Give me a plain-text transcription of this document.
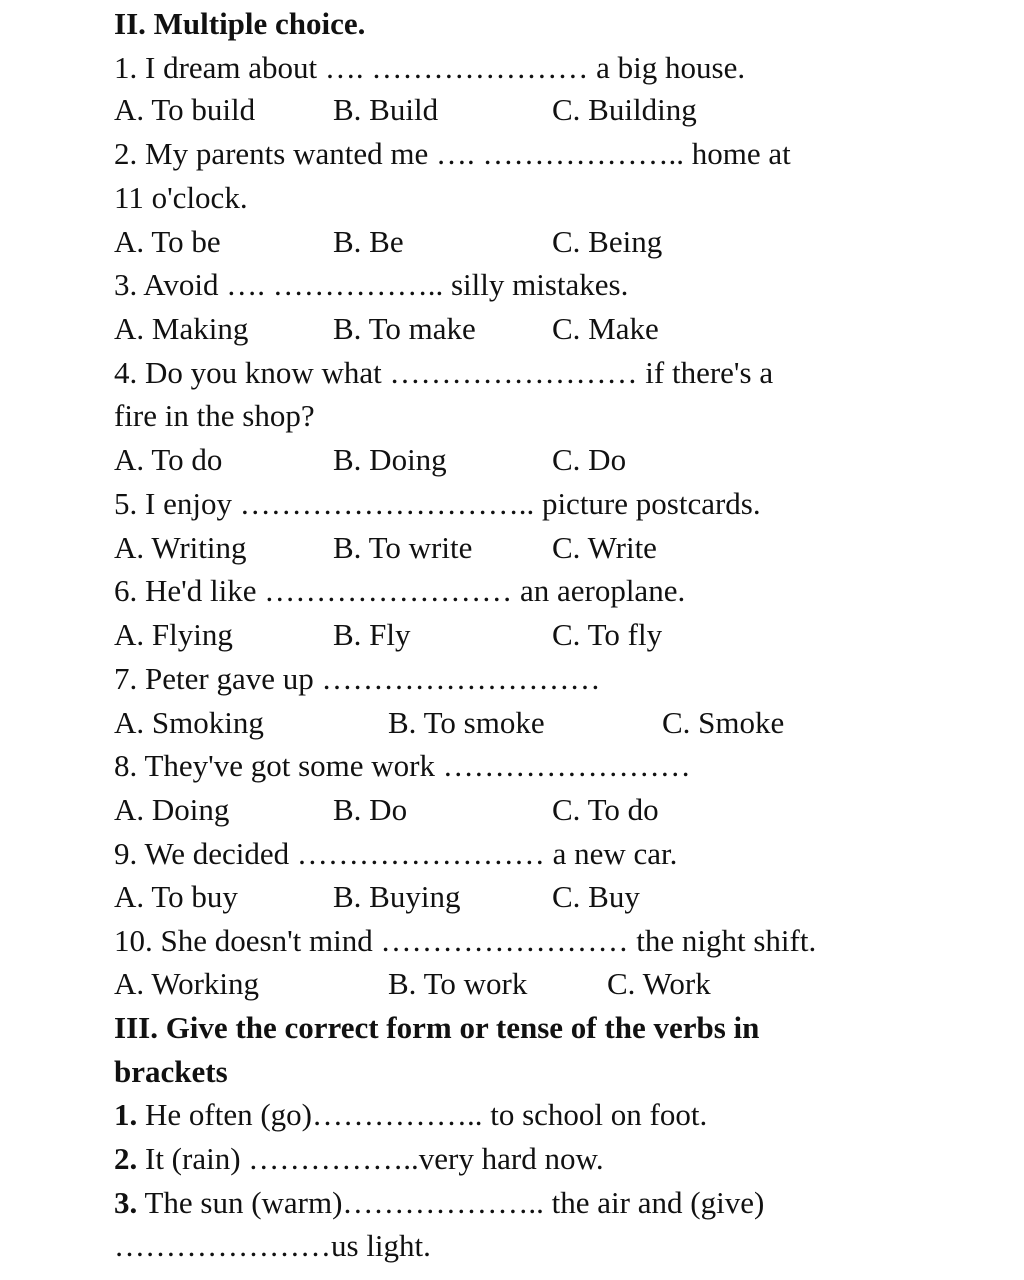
II. Multiple choice.
1. I dream about …. ………………… a big house.
A. To build	B. Build	C. Building
2. My parents wanted me …. ……………….. home at
11 o'clock.
A. To be	B. Be	C. Being
3. Avoid …. …………….. silly mistakes.
A. Making	B. To make C. Make
4. Do you know what …………………… if there's a
fire in the shop?
A. To do	B. Doing	C. Do
5. I enjoy ……………………….. picture postcards.
A. Writing	B. To write	C. Write
6. He'd like …………………… an aeroplane.
A. Flying	B. Fly	C. To fly
7. Peter gave up ………………………
A. Smoking	B. To smoke	C. Smoke
8. They've got some work ……………………
A. Doing	B. Do	C. To do
9. We decided …………………… a new car.
A. To buy	B. Buying	C. Buy
10. She doesn't mind …………………… the night shift.
A. Working	B. To work	C. Work
III. Give the correct form or tense of the verbs in
brackets
1. He often (go)…………….. to school on foot.
2. It (rain) ……………..very hard now.
3. The sun (warm)……………….. the air and (give)
…………………us light.
